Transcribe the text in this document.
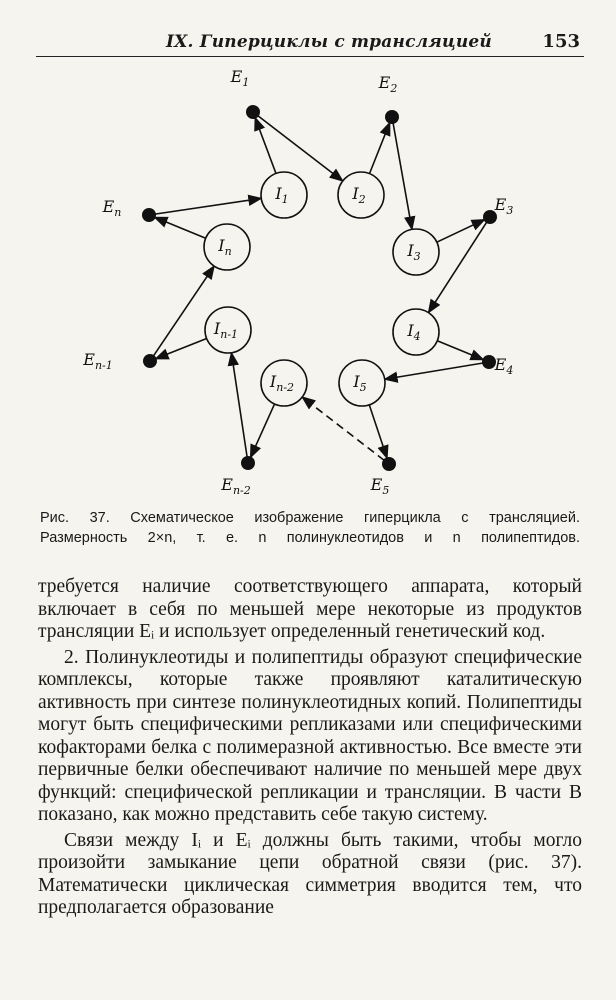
IX. Гиперциклы с трансляцией	153
$E_1$
$I_1$
$E_2$
$I_2$	$E_3$
$I_3$
$E_4$
$I_4$
$E_5$
$I_5$
$E_{n-2}$
$I_{n-2}$
$E_{n-1}$
$I_{n-1}$
$E_n$
$I_n$
Рис. 37. Схематическое изображение гиперцикла с трансляцией.
Размерность 2×n, т. е. n полинуклеотидов и n полипептидов.

требуется наличие соответствующего аппарата, который включает в себя по меньшей мере некоторые из продуктов трансляции Eᵢ и использует определенный генетический код.

2. Полинуклеотиды и полипептиды образуют специфические комплексы, которые также проявляют каталитическую активность при синтезе полинуклеотидных копий. Полипептиды могут быть специфическими репликазами или специфическими кофакторами белка с полимеразной активностью. Все вместе эти первичные белки обеспечивают наличие по меньшей мере двух функций: специфической репликации и трансляции. В части B показано, как можно представить себе такую систему.

Связи между Iᵢ и Eᵢ должны быть такими, чтобы могло произойти замыкание цепи обратной связи (рис. 37). Математически циклическая симметрия вводится тем, что предполагается образование
